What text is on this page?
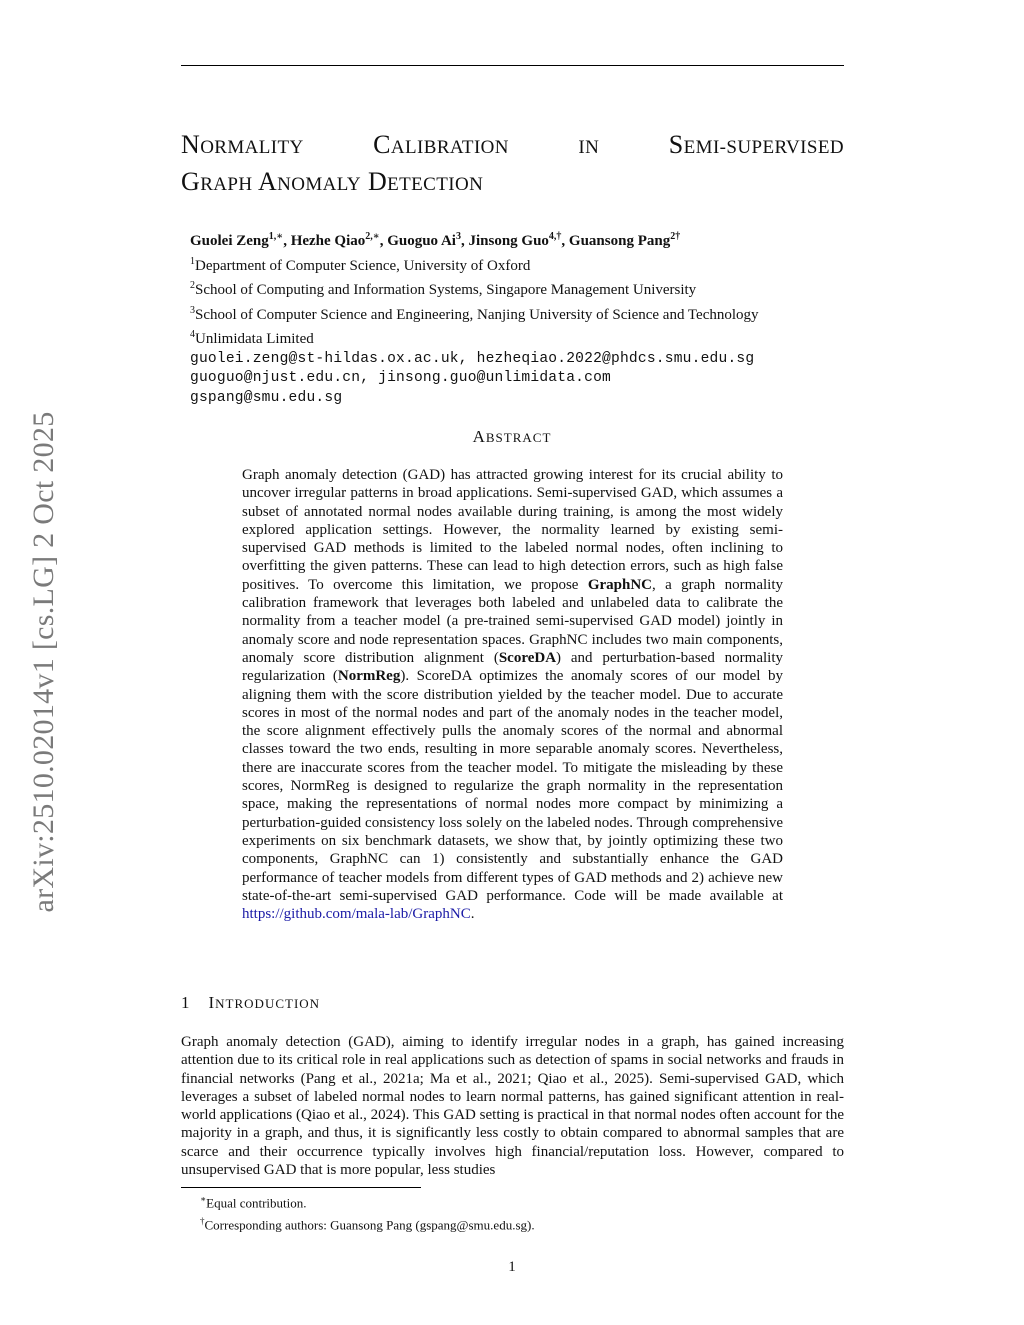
arXiv:2510.02014v1 [cs.LG] 2 Oct 2025
NORMALITY	CALIBRATION	IN	SEMI-SUPERVISED
GRAPH ANOMALY DETECTION
Guolei Zeng$^{1,∗}$, Hezhe Qiao$^{2,∗}$, Guoguo Ai$^3$, Jinsong Guo$^{4,\dagger}$, Guansong Pang$^{2\dagger}$
$^1$Department of Computer Science, University of Oxford
$^2$School of Computing and Information Systems, Singapore Management University
$^3$School of Computer Science and Engineering, Nanjing University of Science and Technology
$^4$Unlimidata Limited
guolei.zeng@st-hildas.ox.ac.uk, hezheqiao.2022@phdcs.smu.edu.sg
guoguo@njust.edu.cn, jinsong.guo@unlimidata.com
gspang@smu.edu.sg
ABSTRACT
Graph anomaly detection (GAD) has attracted growing interest for its crucial ability to uncover irregular patterns in broad applications. Semi-supervised GAD, which assumes a subset of annotated normal nodes available during training, is among the most widely explored application settings. However, the normality learned by existing semi-supervised GAD methods is limited to the labeled normal nodes, often inclining to overfitting the given patterns. These can lead to high detection errors, such as high false positives. To overcome this limitation, we propose GraphNC, a graph normality calibration framework that leverages both labeled and unlabeled data to calibrate the normality from a teacher model (a pre-trained semi-supervised GAD model) jointly in anomaly score and node representation spaces. GraphNC includes two main components, anomaly score distribution alignment (ScoreDA) and perturbation-based normality regularization (NormReg). ScoreDA optimizes the anomaly scores of our model by aligning them with the score distribution yielded by the teacher model. Due to accurate scores in most of the normal nodes and part of the anomaly nodes in the teacher model, the score alignment effectively pulls the anomaly scores of the normal and abnormal classes toward the two ends, resulting in more separable anomaly scores. Nevertheless, there are inaccurate scores from the teacher model. To mitigate the misleading by these scores, NormReg is designed to regularize the graph normality in the representation space, making the representations of normal nodes more compact by minimizing a perturbation-guided consistency loss solely on the labeled nodes. Through comprehensive experiments on six benchmark datasets, we show that, by jointly optimizing these two components, GraphNC can 1) consistently and substantially enhance the GAD performance of teacher models from different types of GAD methods and 2) achieve new state-of-the-art semi-supervised GAD performance. Code will be made available at https://github.com/mala-lab/GraphNC.
1 INTRODUCTION
Graph anomaly detection (GAD), aiming to identify irregular nodes in a graph, has gained increasing attention due to its critical role in real applications such as detection of spams in social networks and frauds in financial networks (Pang et al., 2021a; Ma et al., 2021; Qiao et al., 2025). Semi-supervised GAD, which leverages a subset of labeled normal nodes to learn normal patterns, has gained significant attention in real-world applications (Qiao et al., 2024). This GAD setting is practical in that normal nodes often account for the majority in a graph, and thus, it is significantly less costly to obtain compared to abnormal samples that are scarce and their occurrence typically involves high financial/reputation loss. However, compared to unsupervised GAD that is more popular, less studies
∗Equal contribution.
†Corresponding authors: Guansong Pang (gspang@smu.edu.sg).
1
